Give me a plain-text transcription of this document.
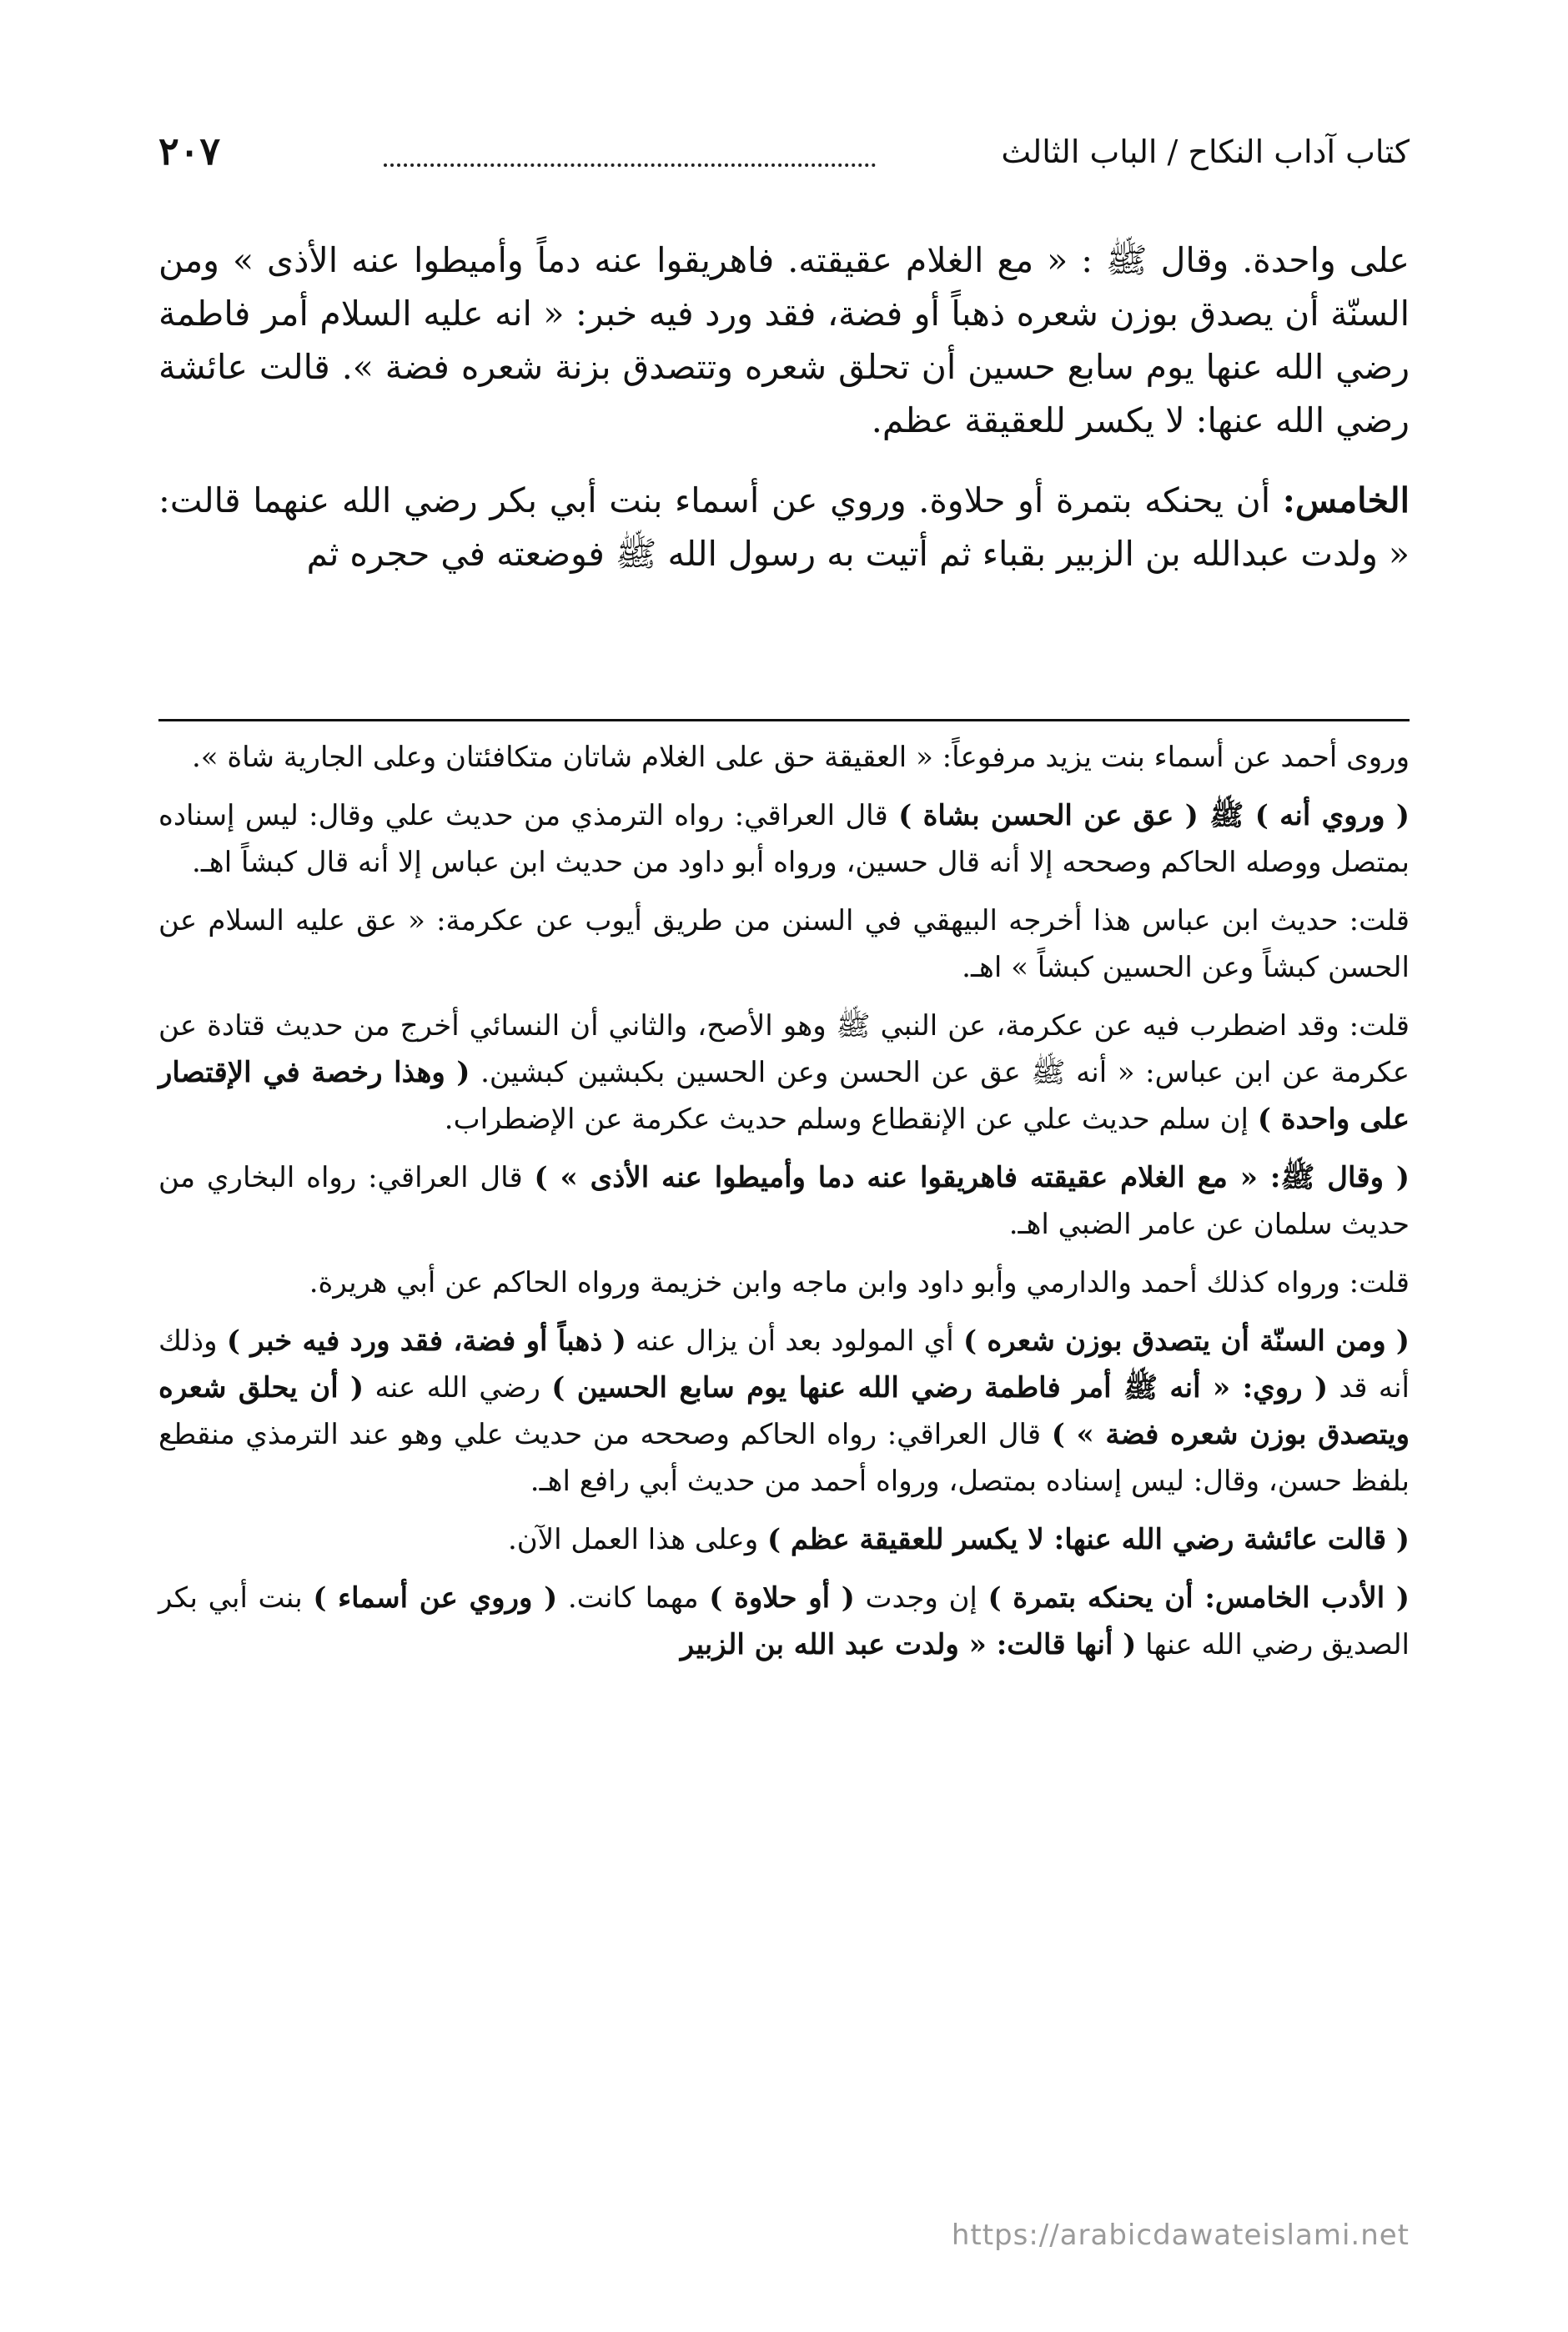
كتاب آداب النكاح / الباب الثالث
٢٠٧

على واحدة. وقال ﷺ : « مع الغلام عقيقته. فاهريقوا عنه دماً وأميطوا عنه الأذى » ومن السنّة أن يصدق بوزن شعره ذهباً أو فضة، فقد ورد فيه خبر: « انه عليه السلام أمر فاطمة رضي الله عنها يوم سابع حسين أن تحلق شعره وتتصدق بزنة شعره فضة ». قالت عائشة رضي الله عنها: لا يكسر للعقيقة عظم.

الخامس: أن يحنكه بتمرة أو حلاوة. وروي عن أسماء بنت أبي بكر رضي الله عنهما قالت: « ولدت عبدالله بن الزبير بقباء ثم أتيت به رسول الله ﷺ فوضعته في حجره ثم

وروى أحمد عن أسماء بنت يزيد مرفوعاً: « العقيقة حق على الغلام شاتان متكافئتان وعلى الجارية شاة ».

( وروي أنه ) ﷺ ( عق عن الحسن بشاة ) قال العراقي: رواه الترمذي من حديث علي وقال: ليس إسناده بمتصل ووصله الحاكم وصححه إلا أنه قال حسين، ورواه أبو داود من حديث ابن عباس إلا أنه قال كبشاً اهـ.

قلت: حديث ابن عباس هذا أخرجه البيهقي في السنن من طريق أيوب عن عكرمة: « عق عليه السلام عن الحسن كبشاً وعن الحسين كبشاً » اهـ.

قلت: وقد اضطرب فيه عن عكرمة، عن النبي ﷺ وهو الأصح، والثاني أن النسائي أخرج من حديث قتادة عن عكرمة عن ابن عباس: « أنه ﷺ عق عن الحسن وعن الحسين بكبشين كبشين. ( وهذا رخصة في الإقتصار على واحدة ) إن سلم حديث علي عن الإنقطاع وسلم حديث عكرمة عن الإضطراب.

( وقال ﷺ: « مع الغلام عقيقته فاهريقوا عنه دما وأميطوا عنه الأذى » ) قال العراقي: رواه البخاري من حديث سلمان عن عامر الضبي اهـ.

قلت: ورواه كذلك أحمد والدارمي وأبو داود وابن ماجه وابن خزيمة ورواه الحاكم عن أبي هريرة.

( ومن السنّة أن يتصدق بوزن شعره ) أي المولود بعد أن يزال عنه ( ذهباً أو فضة، فقد ورد فيه خبر ) وذلك أنه قد ( روي: « أنه ﷺ أمر فاطمة رضي الله عنها يوم سابع الحسين ) رضي الله عنه ( أن يحلق شعره ويتصدق بوزن شعره فضة » ) قال العراقي: رواه الحاكم وصححه من حديث علي وهو عند الترمذي منقطع بلفظ حسن، وقال: ليس إسناده بمتصل، ورواه أحمد من حديث أبي رافع اهـ.

( قالت عائشة رضي الله عنها: لا يكسر للعقيقة عظم ) وعلى هذا العمل الآن.

( الأدب الخامس: أن يحنكه بتمرة ) إن وجدت ( أو حلاوة ) مهما كانت. ( وروي عن أسماء ) بنت أبي بكر الصديق رضي الله عنها ( أنها قالت: « ولدت عبد الله بن الزبير

https://arabicdawateislami.net
